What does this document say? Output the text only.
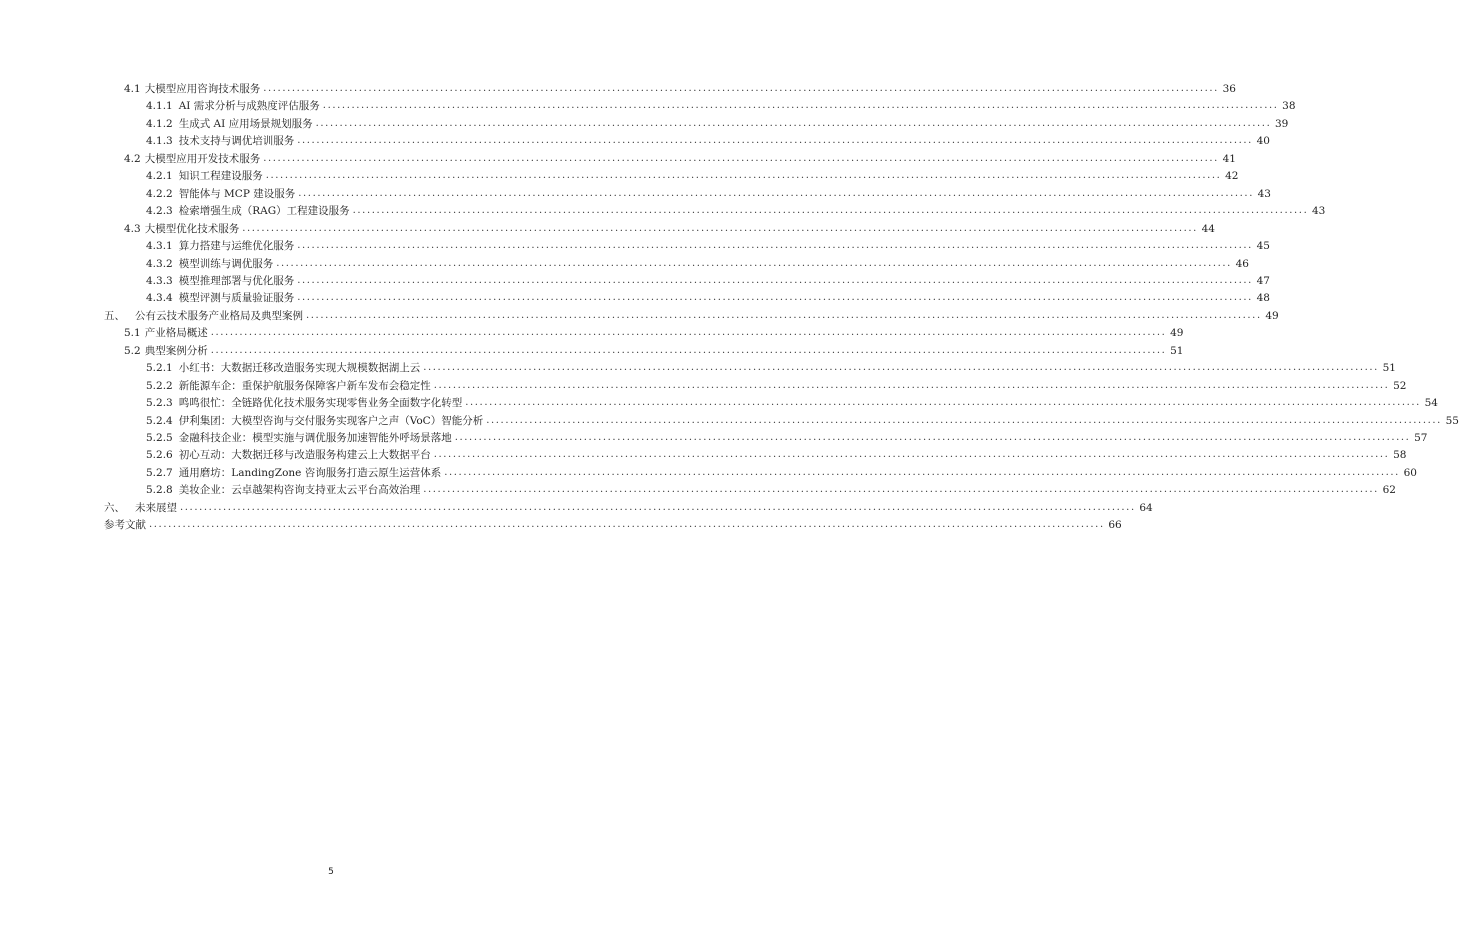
4.1 大模型应用咨询技术服务 ........................................................................................................................................................................................................ 36
4.1.1 AI 需求分析与成熟度评估服务 ........................................................................................................................................................................................................ 38
4.1.2 生成式 AI 应用场景规划服务 ........................................................................................................................................................................................................ 39
4.1.3 技术支持与调优培训服务 ........................................................................................................................................................................................................ 40
4.2 大模型应用开发技术服务 ........................................................................................................................................................................................................ 41
4.2.1 知识工程建设服务 ........................................................................................................................................................................................................ 42
4.2.2 智能体与 MCP 建设服务 ........................................................................................................................................................................................................ 43
4.2.3 检索增强生成（RAG）工程建设服务 ........................................................................................................................................................................................................ 43
4.3 大模型优化技术服务 ........................................................................................................................................................................................................ 44
4.3.1 算力搭建与运维优化服务 ........................................................................................................................................................................................................ 45
4.3.2 模型训练与调优服务 ........................................................................................................................................................................................................ 46
4.3.3 模型推理部署与优化服务 ........................................................................................................................................................................................................ 47
4.3.4 模型评测与质量验证服务 ........................................................................................................................................................................................................ 48
五、 公有云技术服务产业格局及典型案例 ........................................................................................................................................................................................................ 49
5.1 产业格局概述 ........................................................................................................................................................................................................ 49
5.2 典型案例分析 ........................................................................................................................................................................................................ 51
5.2.1 小红书：大数据迁移改造服务实现大规模数据湖上云 ........................................................................................................................................................................................................ 51
5.2.2 新能源车企：重保护航服务保障客户新车发布会稳定性 ........................................................................................................................................................................................................ 52
5.2.3 鸣鸣很忙：全链路优化技术服务实现零售业务全面数字化转型 ........................................................................................................................................................................................................ 54
5.2.4 伊利集团：大模型咨询与交付服务实现客户之声（VoC）智能分析 ........................................................................................................................................................................................................ 55
5.2.5 金融科技企业：模型实施与调优服务加速智能外呼场景落地 ........................................................................................................................................................................................................ 57
5.2.6 初心互动：大数据迁移与改造服务构建云上大数据平台 ........................................................................................................................................................................................................ 58
5.2.7 通用磨坊：LandingZone 咨询服务打造云原生运营体系 ........................................................................................................................................................................................................ 60
5.2.8 美妆企业：云卓越架构咨询支持亚太云平台高效治理 ........................................................................................................................................................................................................ 62
六、 未来展望 ........................................................................................................................................................................................................ 64
参考文献 ........................................................................................................................................................................................................ 66
5
